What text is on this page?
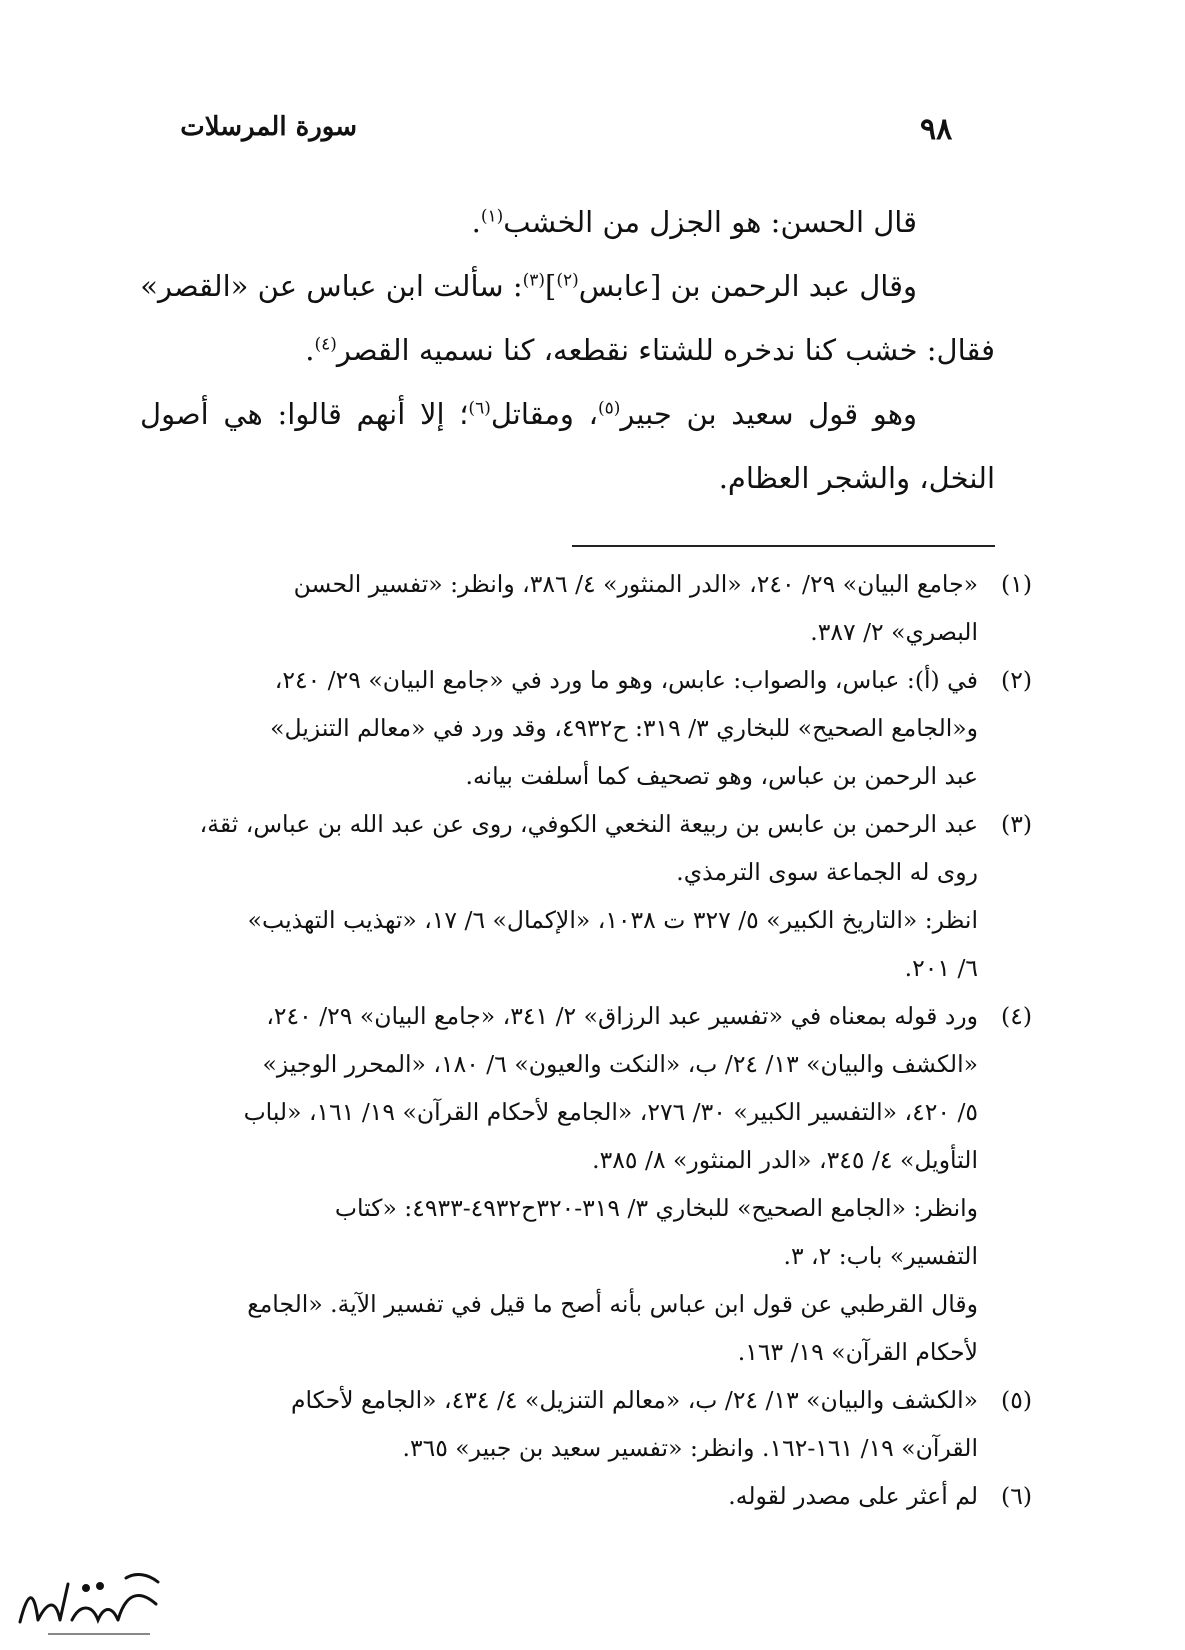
سورة المرسلات	٩٨

قال الحسن: هو الجزل من الخشب$^{(١)}$.

وقال عبد الرحمن بن [عابس$^{(٢)}$]$^{(٣)}$: سألت ابن عباس عن «القصر»

فقال: خشب كنا ندخره للشتاء نقطعه، كنا نسميه القصر$^{(٤)}$.

وهو قول سعيد بن جبير$^{(٥)}$، ومقاتل$^{(٦)}$؛ إلا أنهم قالوا: هي أصول النخل، والشجر العظام.

(١)
«جامع البيان» ٢٩/ ٢٤٠، «الدر المنثور» ٤/ ٣٨٦، وانظر: «تفسير الحسن
البصري» ٢/ ٣٨٧.
(٢)
في (أ): عباس، والصواب: عابس، وهو ما ورد في «جامع البيان» ٢٩/ ٢٤٠،
و«الجامع الصحيح» للبخاري ٣/ ٣١٩: ح٤٩٣٢، وقد ورد في «معالم التنزيل»
عبد الرحمن بن عباس، وهو تصحيف كما أسلفت بيانه.
(٣)
عبد الرحمن بن عابس بن ربيعة النخعي الكوفي، روى عن عبد الله بن عباس، ثقة،
روى له الجماعة سوى الترمذي.
انظر: «التاريخ الكبير» ٥/ ٣٢٧ ت ١٠٣٨، «الإكمال» ٦/ ١٧، «تهذيب التهذيب»
٦/ ٢٠١.
(٤)
ورد قوله بمعناه في «تفسير عبد الرزاق» ٢/ ٣٤١، «جامع البيان» ٢٩/ ٢٤٠،
«الكشف والبيان» ١٣/ ٢٤/ ب، «النكت والعيون» ٦/ ١٨٠، «المحرر الوجيز»
٥/ ٤٢٠، «التفسير الكبير» ٣٠/ ٢٧٦، «الجامع لأحكام القرآن» ١٩/ ١٦١، «لباب
التأويل» ٤/ ٣٤٥، «الدر المنثور» ٨/ ٣٨٥.
وانظر: «الجامع الصحيح» للبخاري ٣/ ٣١٩-٣٢٠ح٤٩٣٢-٤٩٣٣: «كتاب
التفسير» باب: ٢، ٣.
وقال القرطبي عن قول ابن عباس بأنه أصح ما قيل في تفسير الآية. «الجامع
لأحكام القرآن» ١٩/ ١٦٣.
(٥)
«الكشف والبيان» ١٣/ ٢٤/ ب، «معالم التنزيل» ٤/ ٤٣٤، «الجامع لأحكام
القرآن» ١٩/ ١٦١-١٦٢. وانظر: «تفسير سعيد بن جبير» ٣٦٥.
(٦)
لم أعثر على مصدر لقوله.
